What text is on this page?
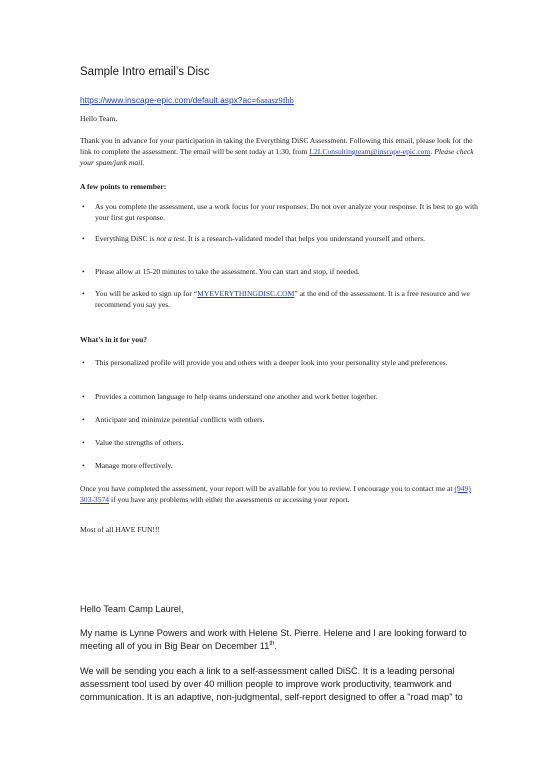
Sample Intro email’s Disc

https://www.inscape-epic.com/default.aspx?ac=6aaasz9fhb

Hello Team,

Thank you in advance for your participation in taking the Everything DiSC Assessment. Following this email, please look for the link to complete the assessment. The email will be sent today at 1:30, from L2LConsultingteam@inscape-epic.com. Please check your spam/junk mail.

A few points to remember:

•	As you complete the assessment, use a work focus for your responses. Do not over analyze your response. It is best to go with your first gut response.
•	Everything DiSC is not a test. It is a research-validated model that helps you understand yourself and others.
•	Please allow at 15-20 minutes to take the assessment. You can start and stop, if needed.
•	You will be asked to sign up for “MYEVERYTHINGDISC.COM” at the end of the assessment. It is a free resource and we recommend you say yes.

What’s in it for you?

•	This personalized profile will provide you and others with a deeper look into your personality style and preferences.
•	Provides a common language to help teams understand one another and work better together.
•	Anticipate and minimize potential conflicts with others.
•	Value the strengths of others.
•	Manage more effectively.

Once you have completed the assessment, your report will be available for you to review. I encourage you to contact me at (949) 303-3574 if you have any problems with either the assessments or accessing your report.

Most of all HAVE FUN!!!

Hello Team Camp Laurel,

My name is Lynne Powers and work with Helene St. Pierre. Helene and I are looking forward to meeting all of you in Big Bear on December 11th.

We will be sending you each a link to a self-assessment called DiSC. It is a leading personal assessment tool used by over 40 million people to improve work productivity, teamwork and communication. It is an adaptive, non-judgmental, self-report designed to offer a "road map" to
